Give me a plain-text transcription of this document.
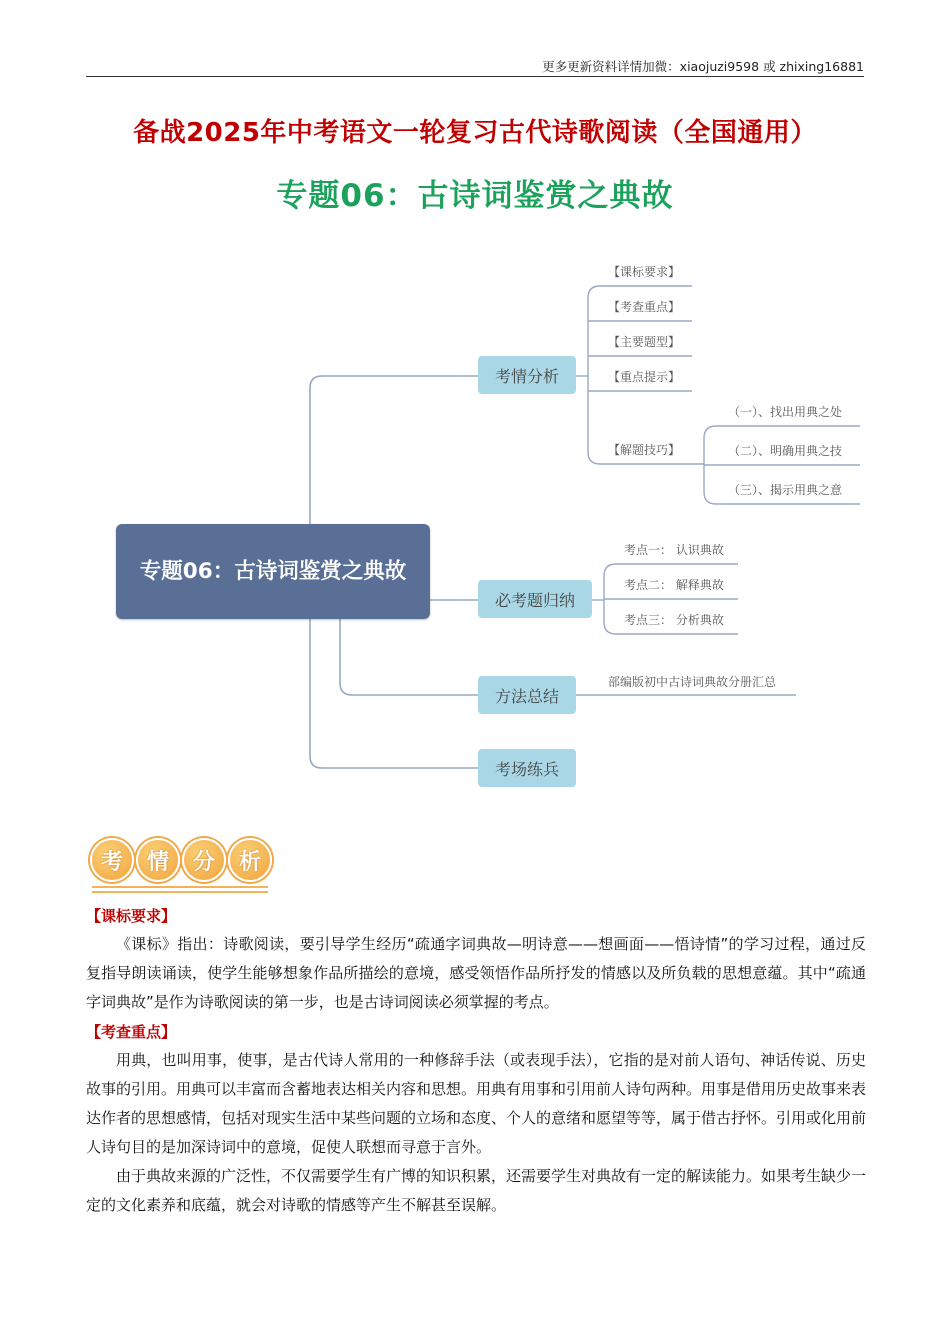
更多更新资料详情加微：xiaojuzi9598 或 zhixing16881
备战2025年中考语文一轮复习古代诗歌阅读（全国通用）
专题06：古诗词鉴赏之典故
专题06：古诗词鉴赏之典故
考情分析
必考题归纳
方法总结
考场练兵
【课标要求】
【考查重点】
【主要题型】
【重点提示】
【解题技巧】
（一）、找出用典之处
（二）、明确用典之技
（三）、揭示用典之意
考点一： 认识典故
考点二： 解释典故
考点三： 分析典故
部编版初中古诗词典故分册汇总
考	情	分	析
【课标要求】
《课标》指出：诗歌阅读，要引导学生经历“疏通字词典故—明诗意——想画面——悟诗情”的学习过程，通过反复指导朗读诵读，使学生能够想象作品所描绘的意境，感受领悟作品所抒发的情感以及所负载的思想意蕴。其中“疏通字词典故”是作为诗歌阅读的第一步，也是古诗词阅读必须掌握的考点。
【考查重点】
用典，也叫用事，使事，是古代诗人常用的一种修辞手法（或表现手法），它指的是对前人语句、神话传说、历史故事的引用。用典可以丰富而含蓄地表达相关内容和思想。用典有用事和引用前人诗句两种。用事是借用历史故事来表达作者的思想感情，包括对现实生活中某些问题的立场和态度、个人的意绪和愿望等等，属于借古抒怀。引用或化用前人诗句目的是加深诗词中的意境，促使人联想而寻意于言外。
由于典故来源的广泛性，不仅需要学生有广博的知识积累，还需要学生对典故有一定的解读能力。如果考生缺少一定的文化素养和底蕴，就会对诗歌的情感等产生不解甚至误解。
